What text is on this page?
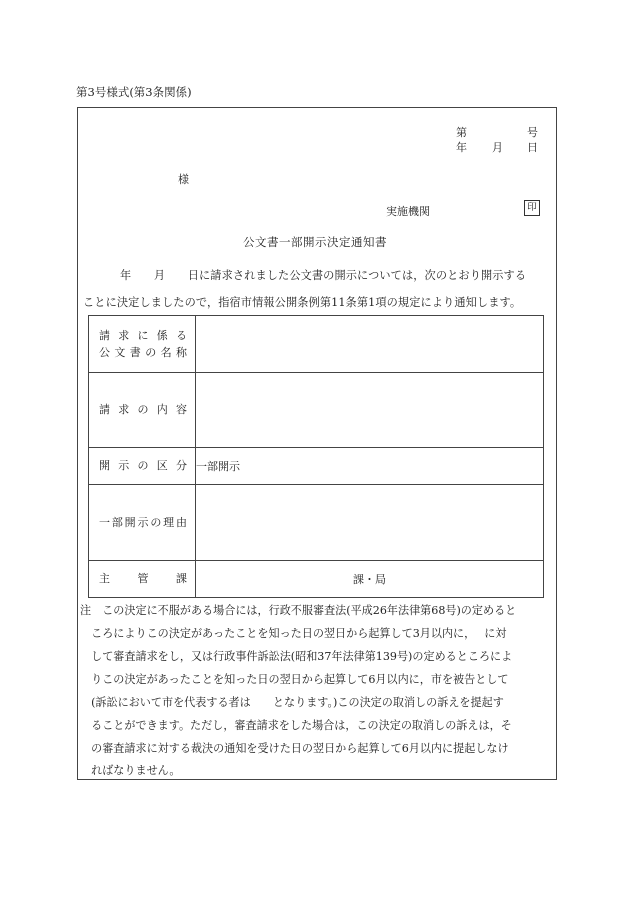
第3号様式(第3条関係)
第	号
年 月 日
様
実施機関	印
公文書一部開示決定通知書
年　　月　　日に請求されました公文書の開示については，次のとおり開示する
ことに決定しましたので，指宿市情報公開条例第11条第1項の規定により通知します。
請求に係る
公文書の名称	

請求の内容	

開示の区分	一部開示

一部開示の理由	

主管課	課・局
注　この決定に不服がある場合には，行政不服審査法(平成26年法律第68号)の定めると
　ころによりこの決定があったことを知った日の翌日から起算して3月以内に，　 に対
　して審査請求をし，又は行政事件訴訟法(昭和37年法律第139号)の定めるところによ
　りこの決定があったことを知った日の翌日から起算して6月以内に，市を被告として
　(訴訟において市を代表する者は　　となります。)この決定の取消しの訴えを提起す
　ることができます。ただし，審査請求をした場合は，この決定の取消しの訴えは，そ
　の審査請求に対する裁決の通知を受けた日の翌日から起算して6月以内に提起しなけ
　ればなりません。
